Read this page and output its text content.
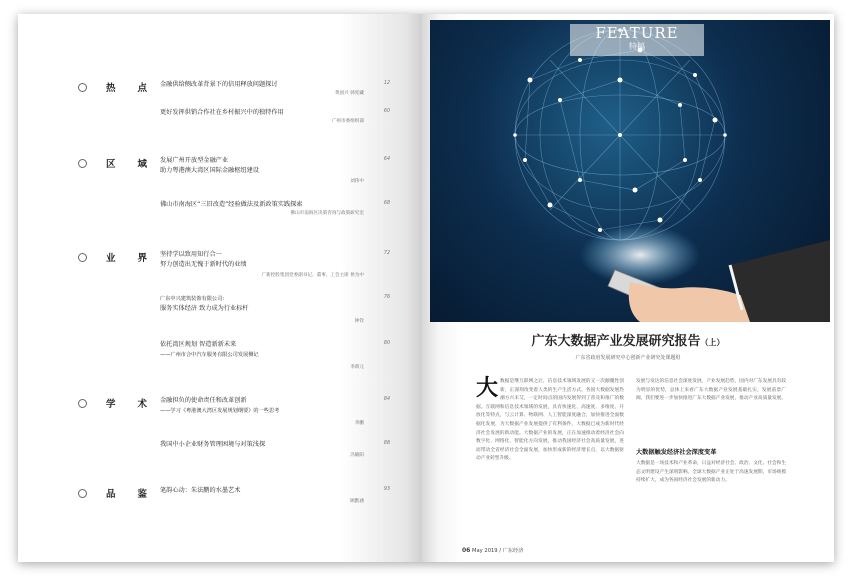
热点
金融供给侧改革背景下的信用释放问题探讨
黄国兴 韩宪藏
12
更好发挥供销合作社在乡村振兴中的独特作用
广州市委组织部
60
区域
发展广州开放型金融产业
助力粤港澳大湾区国际金融枢纽建设
刘伟中
64
佛山市南海区“三旧改造”经验做法及新政策实践探索
佛山市南海区决策咨询与政策研究室
68
业界
坚持学以致用知行合一
努力创造出无愧于新时代的业绩
广新控股集团党委副书记、董事、工会主席 侯为中
72
广东中兴建筑装饰有限公司：
服务实体经济 致力成为行业标杆
钟铨
76
依托湾区规划 智造新新未来
——广州市合中汽车服务有限公司发展侧记
李荫元
80
学术
金融担负的使命责任和改革创新
——学习《粤港澳大湾区发展规划纲要》的一些思考
李鹏
84
我国中小企业财务管理困境与对策浅探
冯敏阳
88
品鉴
笔韵心动：朱法鹏的水墨艺术
顾默涵
93
FEATURE
特稿
广东大数据产业发展研究报告（上）
广东省政府发展研究中心创新产业研究处课题组
大数据是继互联网之后，信息技术领域发展的又一次颠覆性创新，正深刻改变着人类的生产生活方式。各国大数据发展热潮方兴未艾，一定时间点的国内发展得到了普及和推广的数据。互联网和信息技术领域的发展，具有快速化、高速度、多维度、开放化等特点，与云计算、物联网、人工智能深度融合，加快推进全面数据化发展，为大数据产业发展提供了有利条件，大数据已成为新时代经济社会发展的新动能。大数据产业的发展，正在加速推动着经济社会向数字化、网络化、智能化方向发展，推动我国经济社会高质量发展，进而带动全省经济社会全面发展，加快形成新的经济增长点，以大数据驱动产业转型升级。
发展与发达的信息社会深度发展，产业发展趋势，国内对广东发展具有较为明显的优势，总体上来看广东大数据产业发展基础扎实，发展前景广阔，我们要进一步加快推进广东大数据产业发展，推动产业高质量发展。
大数据触发经济社会深度变革
大数据是一场技术和产业革命，日益对经济社会、政治、文化、社会和生态文明建设产生深刻影响。全球大数据产业正处于高速发展期，市场规模持续扩大，成为各国经济社会发展的新动力。
06 May 2019 / 广东经济
